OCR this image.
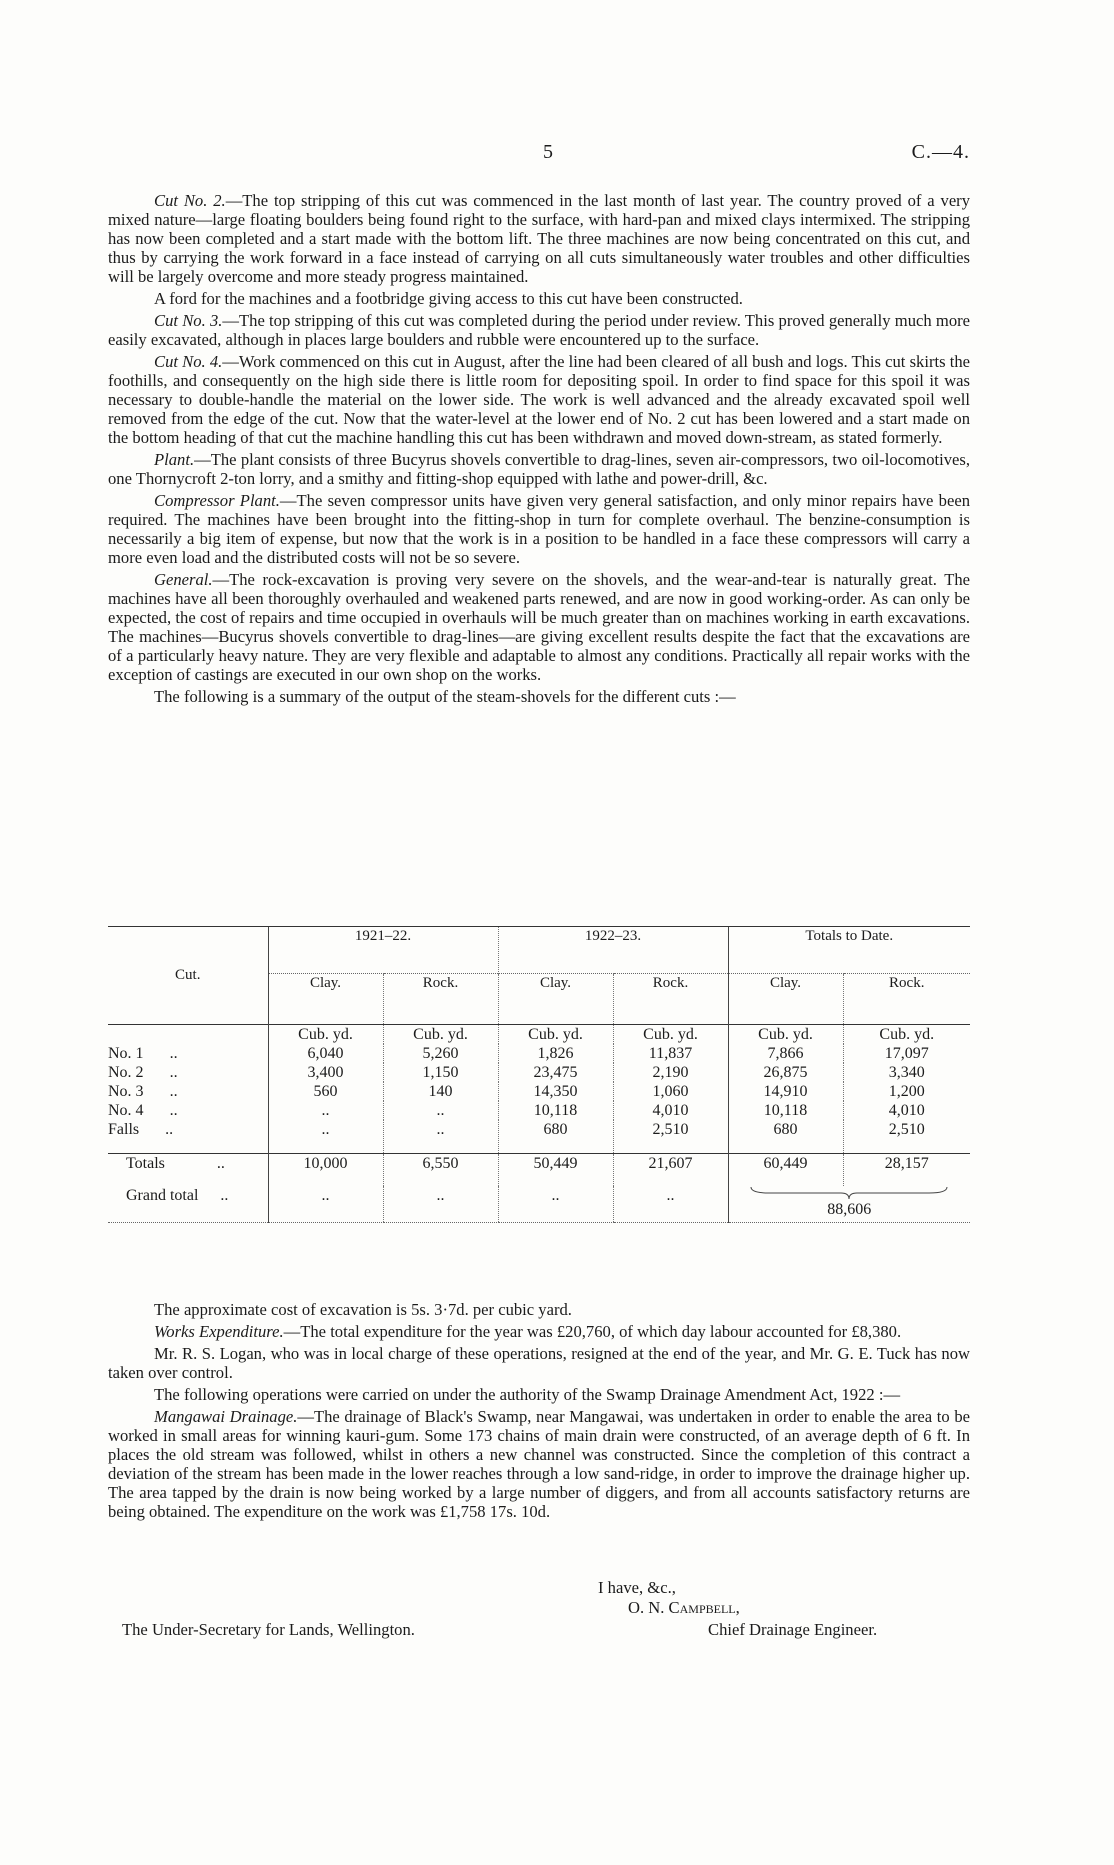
5	C.—4.

Cut No. 2.—The top stripping of this cut was commenced in the last month of last year. The country proved of a very mixed nature—large floating boulders being found right to the surface, with hard-pan and mixed clays intermixed. The stripping has now been completed and a start made with the bottom lift. The three machines are now being concentrated on this cut, and thus by carrying the work forward in a face instead of carrying on all cuts simultaneously water troubles and other difficulties will be largely overcome and more steady progress maintained.

A ford for the machines and a footbridge giving access to this cut have been constructed.

Cut No. 3.—The top stripping of this cut was completed during the period under review. This proved generally much more easily excavated, although in places large boulders and rubble were encountered up to the surface.

Cut No. 4.—Work commenced on this cut in August, after the line had been cleared of all bush and logs. This cut skirts the foothills, and consequently on the high side there is little room for depositing spoil. In order to find space for this spoil it was necessary to double-handle the material on the lower side. The work is well advanced and the already excavated spoil well removed from the edge of the cut. Now that the water-level at the lower end of No. 2 cut has been lowered and a start made on the bottom heading of that cut the machine handling this cut has been withdrawn and moved down-stream, as stated formerly.

Plant.—The plant consists of three Bucyrus shovels convertible to drag-lines, seven air-compressors, two oil-locomotives, one Thornycroft 2-ton lorry, and a smithy and fitting-shop equipped with lathe and power-drill, &c.

Compressor Plant.—The seven compressor units have given very general satisfaction, and only minor repairs have been required. The machines have been brought into the fitting-shop in turn for complete overhaul. The benzine-consumption is necessarily a big item of expense, but now that the work is in a position to be handled in a face these compressors will carry a more even load and the distributed costs will not be so severe.

General.—The rock-excavation is proving very severe on the shovels, and the wear-and-tear is naturally great. The machines have all been thoroughly overhauled and weakened parts renewed, and are now in good working-order. As can only be expected, the cost of repairs and time occupied in overhauls will be much greater than on machines working in earth excavations. The machines—Bucyrus shovels convertible to drag-lines—are giving excellent results despite the fact that the excavations are of a particularly heavy nature. They are very flexible and adaptable to almost any conditions. Practically all repair works with the exception of castings are executed in our own shop on the works.

The following is a summary of the output of the steam-shovels for the different cuts :—

Cut.	1921–22.		1922–23.		Totals to Date.	
	Clay.	Rock.	Clay.	Rock.	Clay.	Rock.
	Cub. yd.	Cub. yd.	Cub. yd.	Cub. yd.	Cub. yd.	Cub. yd.
No. 1 ..	6,040	5,260	1,826	11,837	7,866	17,097
No. 2 ..	3,400	1,150	23,475	2,190	26,875	3,340
No. 3 ..	560	140	14,350	1,060	14,910	1,200
No. 4 ..	..	..	10,118	4,010	10,118	4,010
Falls ..	..	..	680	2,510	680	2,510
Totals ..	10,000	6,550	50,449	21,607	60,449	28,157
Grand total ..	..	..	..	..	88,606	

The approximate cost of excavation is 5s. 3·7d. per cubic yard.

Works Expenditure.—The total expenditure for the year was £20,760, of which day labour accounted for £8,380.

Mr. R. S. Logan, who was in local charge of these operations, resigned at the end of the year, and Mr. G. E. Tuck has now taken over control.

The following operations were carried on under the authority of the Swamp Drainage Amendment Act, 1922 :—

Mangawai Drainage.—The drainage of Black's Swamp, near Mangawai, was undertaken in order to enable the area to be worked in small areas for winning kauri-gum. Some 173 chains of main drain were constructed, of an average depth of 6 ft. In places the old stream was followed, whilst in others a new channel was constructed. Since the completion of this contract a deviation of the stream has been made in the lower reaches through a low sand-ridge, in order to improve the drainage higher up. The area tapped by the drain is now being worked by a large number of diggers, and from all accounts satisfactory returns are being obtained. The expenditure on the work was £1,758 17s. 10d.

I have, &c.,
O. N. Campbell,
The Under-Secretary for Lands, Wellington.	Chief Drainage Engineer.
